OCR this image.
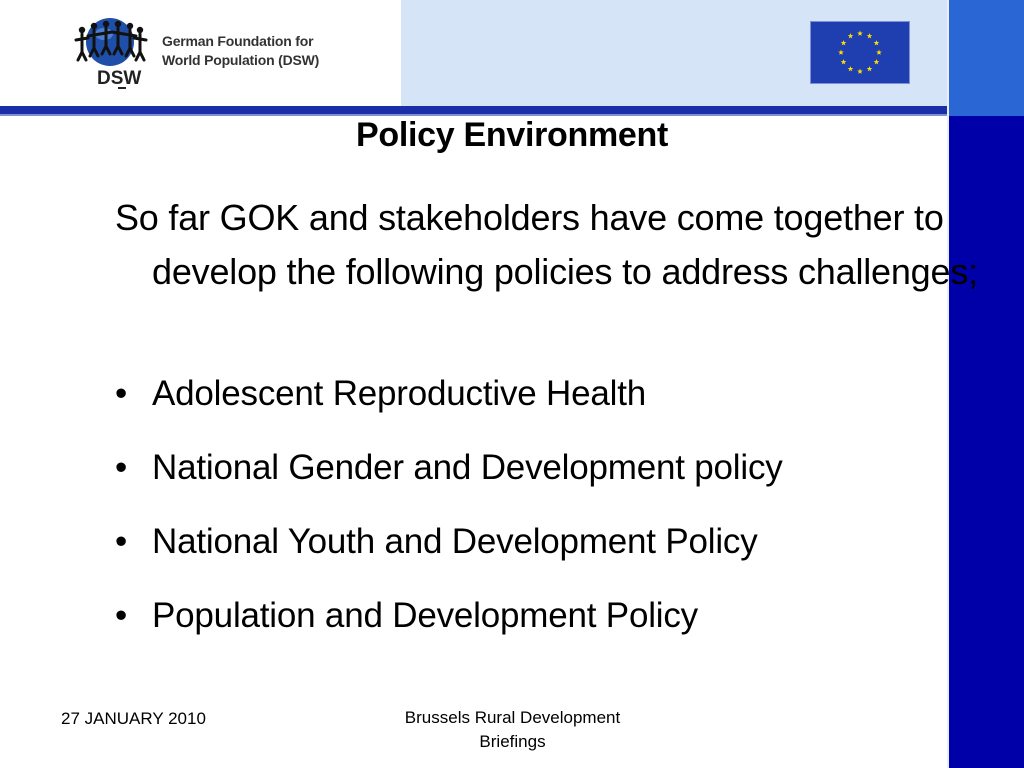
DSW
German Foundation for
World Population (DSW)
Policy Environment
So far GOK and stakeholders have come together to develop the following policies to address challenges;
• Adolescent Reproductive Health
• National Gender and Development policy
• National Youth and Development Policy
• Population and Development Policy
27 JANUARY 2010	Brussels Rural Development
Briefings
